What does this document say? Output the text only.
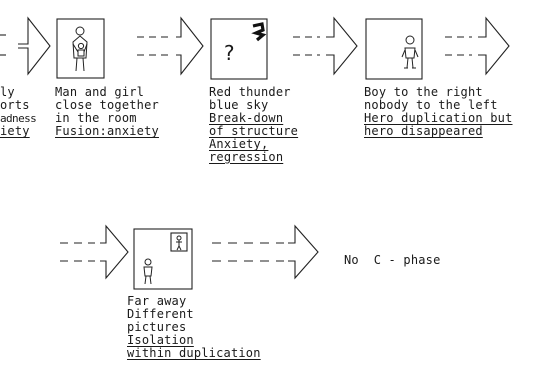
?
ly
orts
adness
iety
Man and girl
close together
in the room
Fusion:anxiety
Red thunder
blue sky
Break-down
of structure
Anxiety,
regression
Boy to the right
nobody to the left
Hero duplication but
hero disappeared
Far away
Different
pictures
Isolation
within duplication
No  C - phase
